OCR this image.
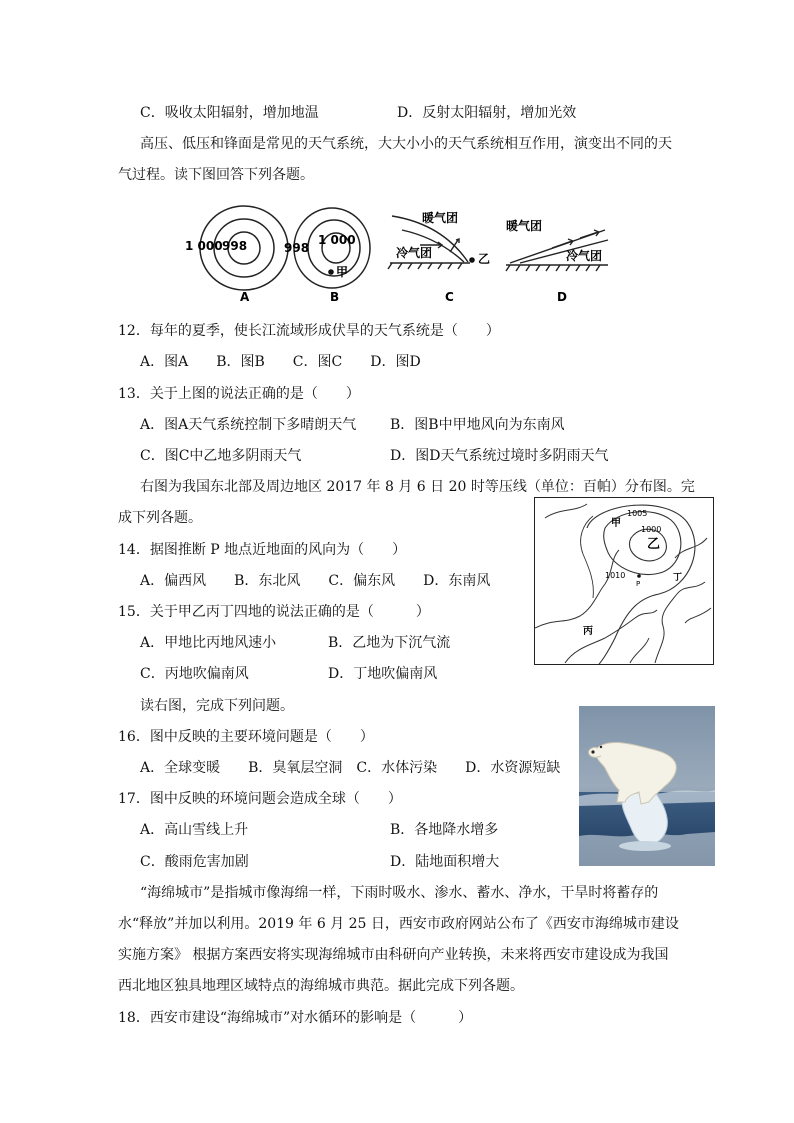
C．吸收太阳辐射，增加地温	D．反射太阳辐射，增加光效
高压、低压和锋面是常见的天气系统，大大小小的天气系统相互作用，演变出不同的天
气过程。读下图回答下列各题。
1 000 998	998
1 000
甲
暖气团
冷气团	乙
暖气团
冷气团
A	B	C	D
12．每年的夏季，使长江流域形成伏旱的天气系统是（　　）
A．图A　　B．图B　　C．图C　　D．图D
13．关于上图的说法正确的是（　　）
A．图A天气系统控制下多晴朗天气 B．图B中甲地风向为东南风
C．图C中乙地多阴雨天气	D．图D天气系统过境时多阴雨天气
右图为我国东北部及周边地区 2017 年 8 月 6 日 20 时等压线（单位：百帕）分布图。完
成下列各题。	1005
1000
1010
甲
乙
丙
丁
P
14．据图推断 P 地点近地面的风向为（　　）
A．偏西风　　B．东北风　　C．偏东风　　D．东南风
15．关于甲乙丙丁四地的说法正确的是（　　　）
A．甲地比丙地风速小	B．乙地为下沉气流
C．丙地吹偏南风	D．丁地吹偏南风
读右图，完成下列问题。
16．图中反映的主要环境问题是（　　）
A．全球变暖　　B．臭氧层空洞　C．水体污染　　D．水资源短缺
17．图中反映的环境问题会造成全球（　　）
A．高山雪线上升	B．各地降水增多
C．酸雨危害加剧	D．陆地面积增大
“海绵城市”是指城市像海绵一样，下雨时吸水、渗水、蓄水、净水，干旱时将蓄存的
水“释放”并加以利用。2019 年 6 月 25 日，西安市政府网站公布了《西安市海绵城市建设
实施方案》 根据方案西安将实现海绵城市由科研向产业转换，未来将西安市建设成为我国
西北地区独具地理区域特点的海绵城市典范。据此完成下列各题。
18．西安市建设“海绵城市”对水循环的影响是（　　　）
